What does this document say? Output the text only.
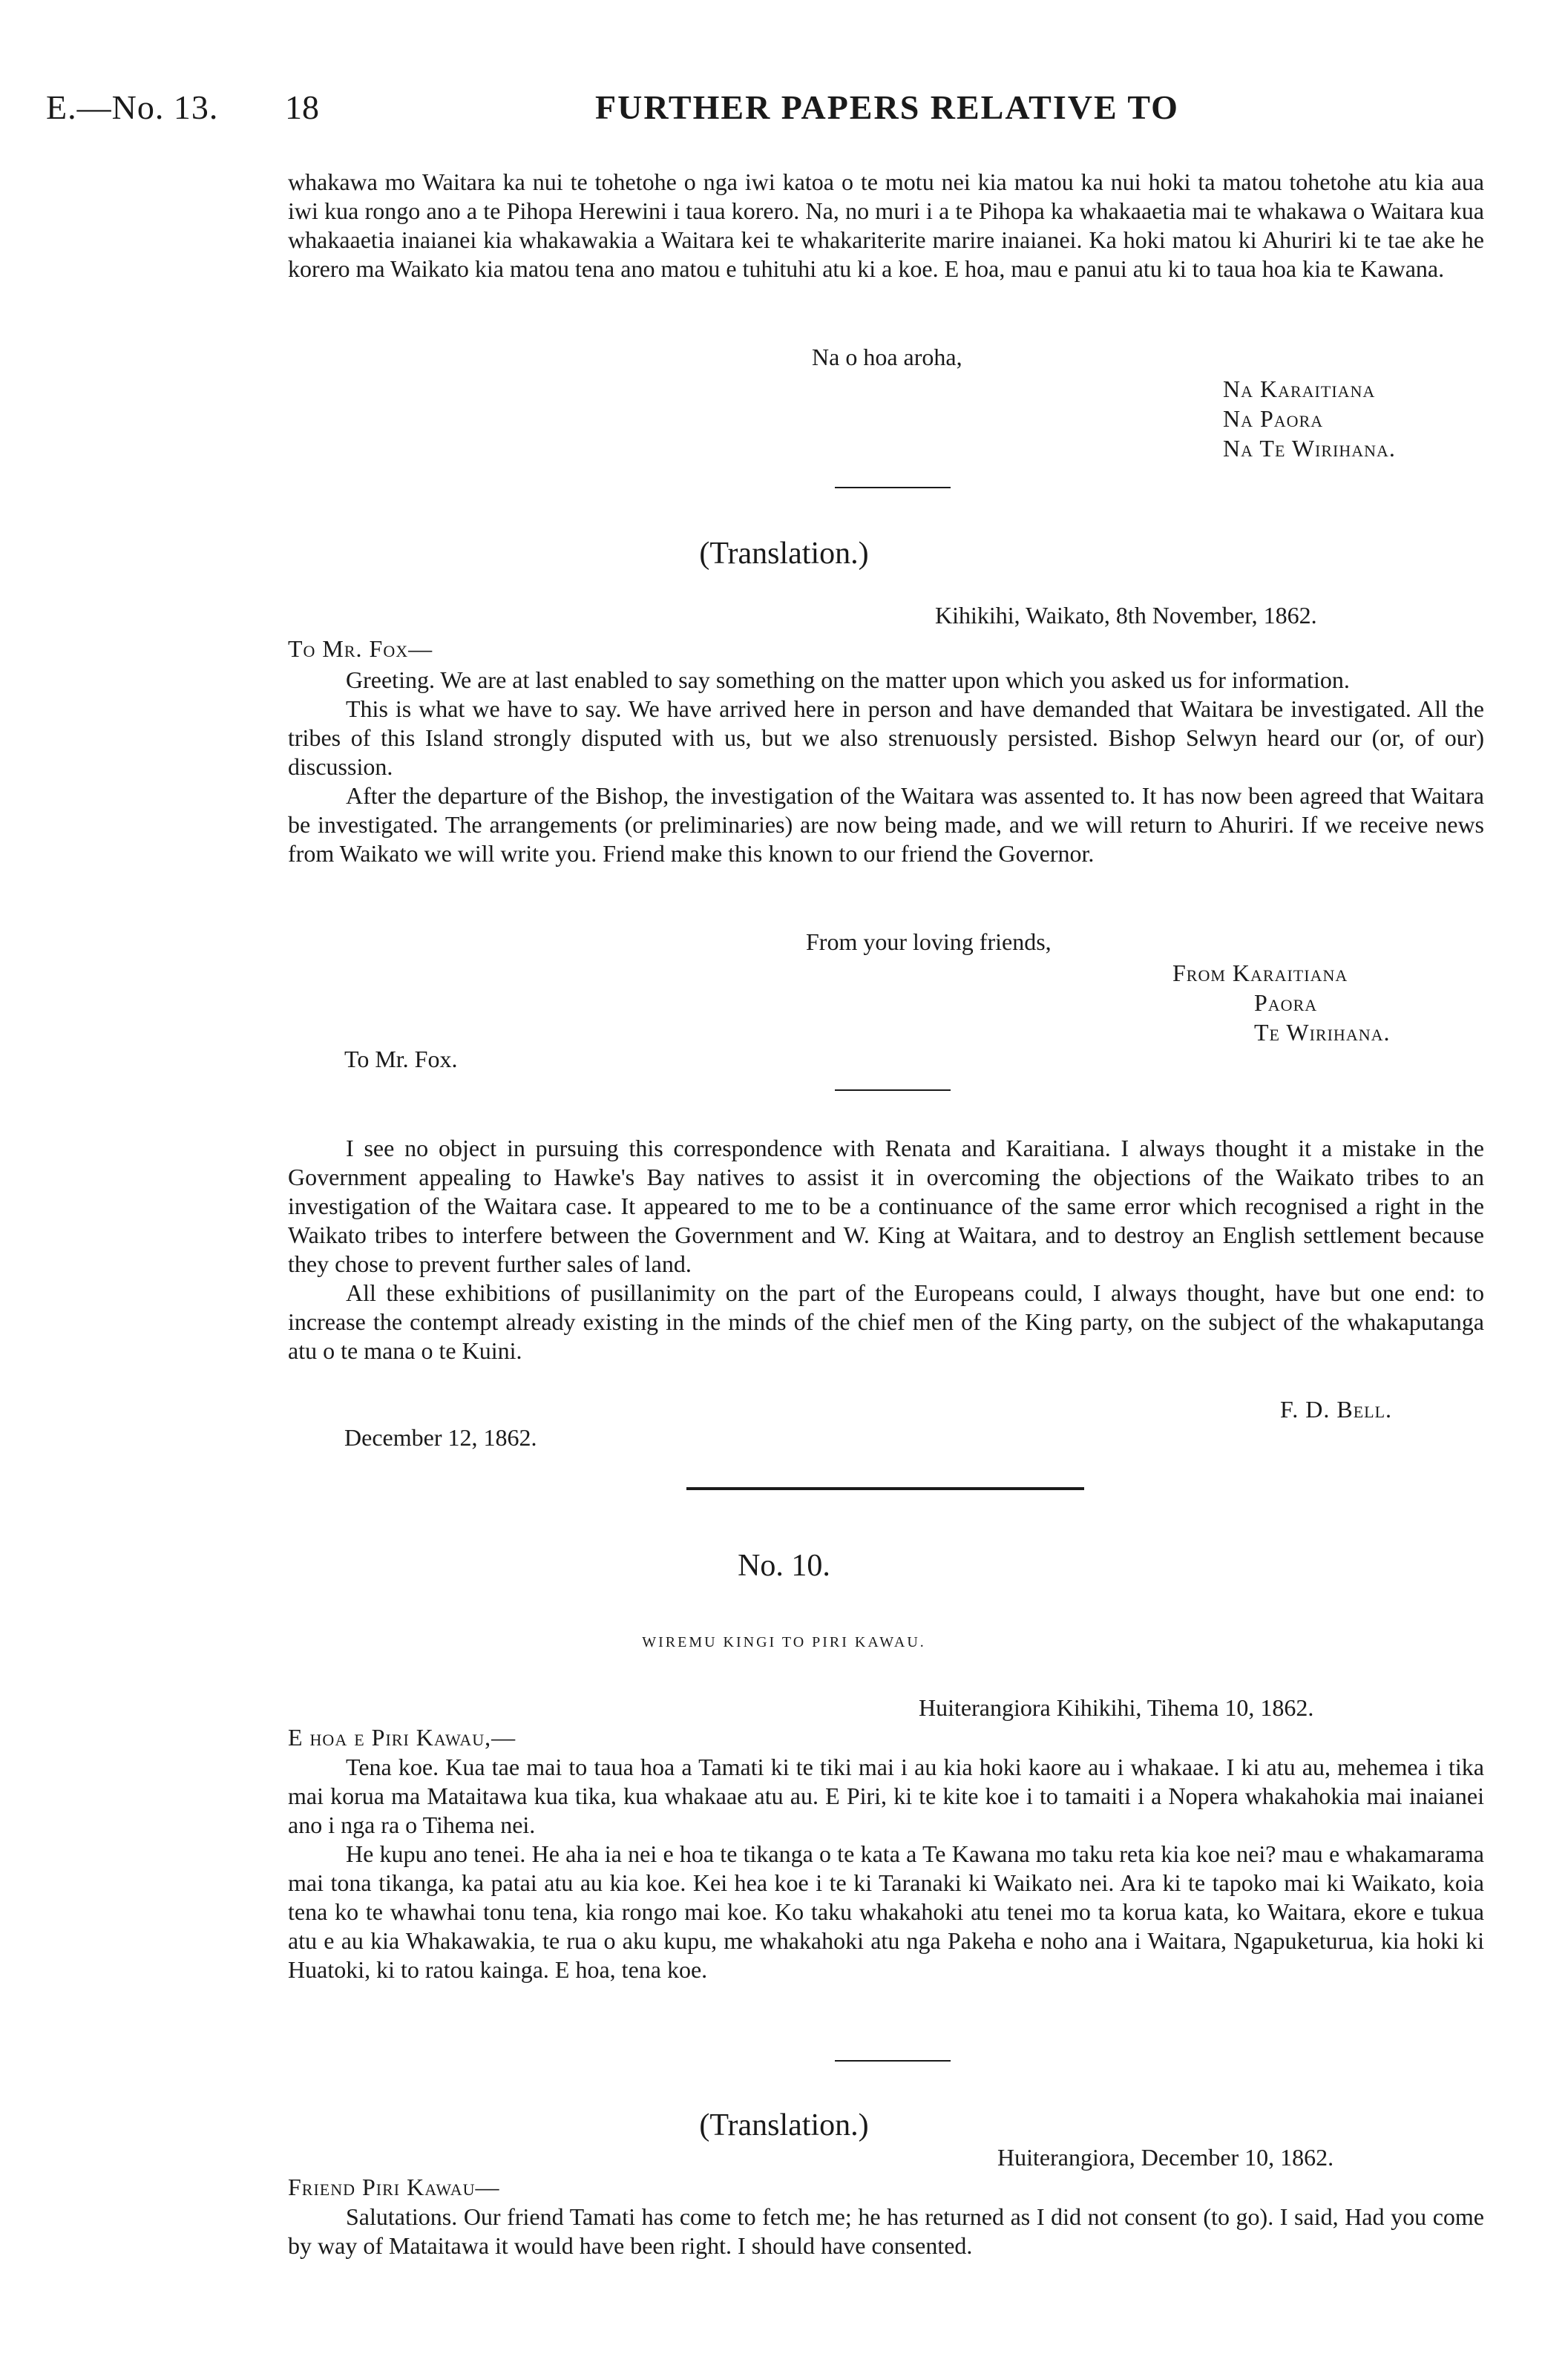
E.—No. 13. 18	FURTHER PAPERS RELATIVE TO

whakawa mo Waitara ka nui te tohetohe o nga iwi katoa o te motu nei kia matou ka nui hoki ta matou tohetohe atu kia aua iwi kua rongo ano a te Pihopa Herewini i taua korero. Na, no muri i a te Pihopa ka whakaaetia mai te whakawa o Waitara kua whakaaetia inaianei kia whakawakia a Waitara kei te whakariterite marire inaianei. Ka hoki matou ki Ahuriri ki te tae ake he korero ma Waikato kia matou tena ano matou e tuhituhi atu ki a koe. E hoa, mau e panui atu ki to taua hoa kia te Kawana.

Na o hoa aroha,
Na Karaitiana
Na Paora
Na Te Wirihana.
(Translation.)
Kihikihi, Waikato, 8th November, 1862.
To Mr. Fox—

Greeting. We are at last enabled to say something on the matter upon which you asked us for information.

This is what we have to say. We have arrived here in person and have demanded that Waitara be investigated. All the tribes of this Island strongly disputed with us, but we also strenuously persisted. Bishop Selwyn heard our (or, of our) discussion.

After the departure of the Bishop, the investigation of the Waitara was assented to. It has now been agreed that Waitara be investigated. The arrangements (or preliminaries) are now being made, and we will return to Ahuriri. If we receive news from Waikato we will write you. Friend make this known to our friend the Governor.

From your loving friends,
From Karaitiana
Paora
Te Wirihana.
To Mr. Fox.

I see no object in pursuing this correspondence with Renata and Karaitiana. I always thought it a mistake in the Government appealing to Hawke's Bay natives to assist it in overcoming the objections of the Waikato tribes to an investigation of the Waitara case. It appeared to me to be a continuance of the same error which recognised a right in the Waikato tribes to interfere between the Government and W. King at Waitara, and to destroy an English settlement because they chose to prevent further sales of land.

All these exhibitions of pusillanimity on the part of the Europeans could, I always thought, have but one end: to increase the contempt already existing in the minds of the chief men of the King party, on the subject of the whakaputanga atu o te mana o te Kuini.

F. D. Bell.
December 12, 1862.
No. 10.
WIREMU KINGI TO PIRI KAWAU.
Huiterangiora Kihikihi, Tihema 10, 1862.
E hoa e Piri Kawau,—

Tena koe. Kua tae mai to taua hoa a Tamati ki te tiki mai i au kia hoki kaore au i whakaae. I ki atu au, mehemea i tika mai korua ma Mataitawa kua tika, kua whakaae atu au. E Piri, ki te kite koe i to tamaiti i a Nopera whakahokia mai inaianei ano i nga ra o Tihema nei.

He kupu ano tenei. He aha ia nei e hoa te tikanga o te kata a Te Kawana mo taku reta kia koe nei? mau e whakamarama mai tona tikanga, ka patai atu au kia koe. Kei hea koe i te ki Taranaki ki Waikato nei. Ara ki te tapoko mai ki Waikato, koia tena ko te whawhai tonu tena, kia rongo mai koe. Ko taku whakahoki atu tenei mo ta korua kata, ko Waitara, ekore e tukua atu e au kia Whakawakia, te rua o aku kupu, me whakahoki atu nga Pakeha e noho ana i Waitara, Ngapuketurua, kia hoki ki Huatoki, ki to ratou kainga. E hoa, tena koe.

(Translation.)
Huiterangiora, December 10, 1862.
Friend Piri Kawau—

Salutations. Our friend Tamati has come to fetch me; he has returned as I did not consent (to go). I said, Had you come by way of Mataitawa it would have been right. I should have consented.
